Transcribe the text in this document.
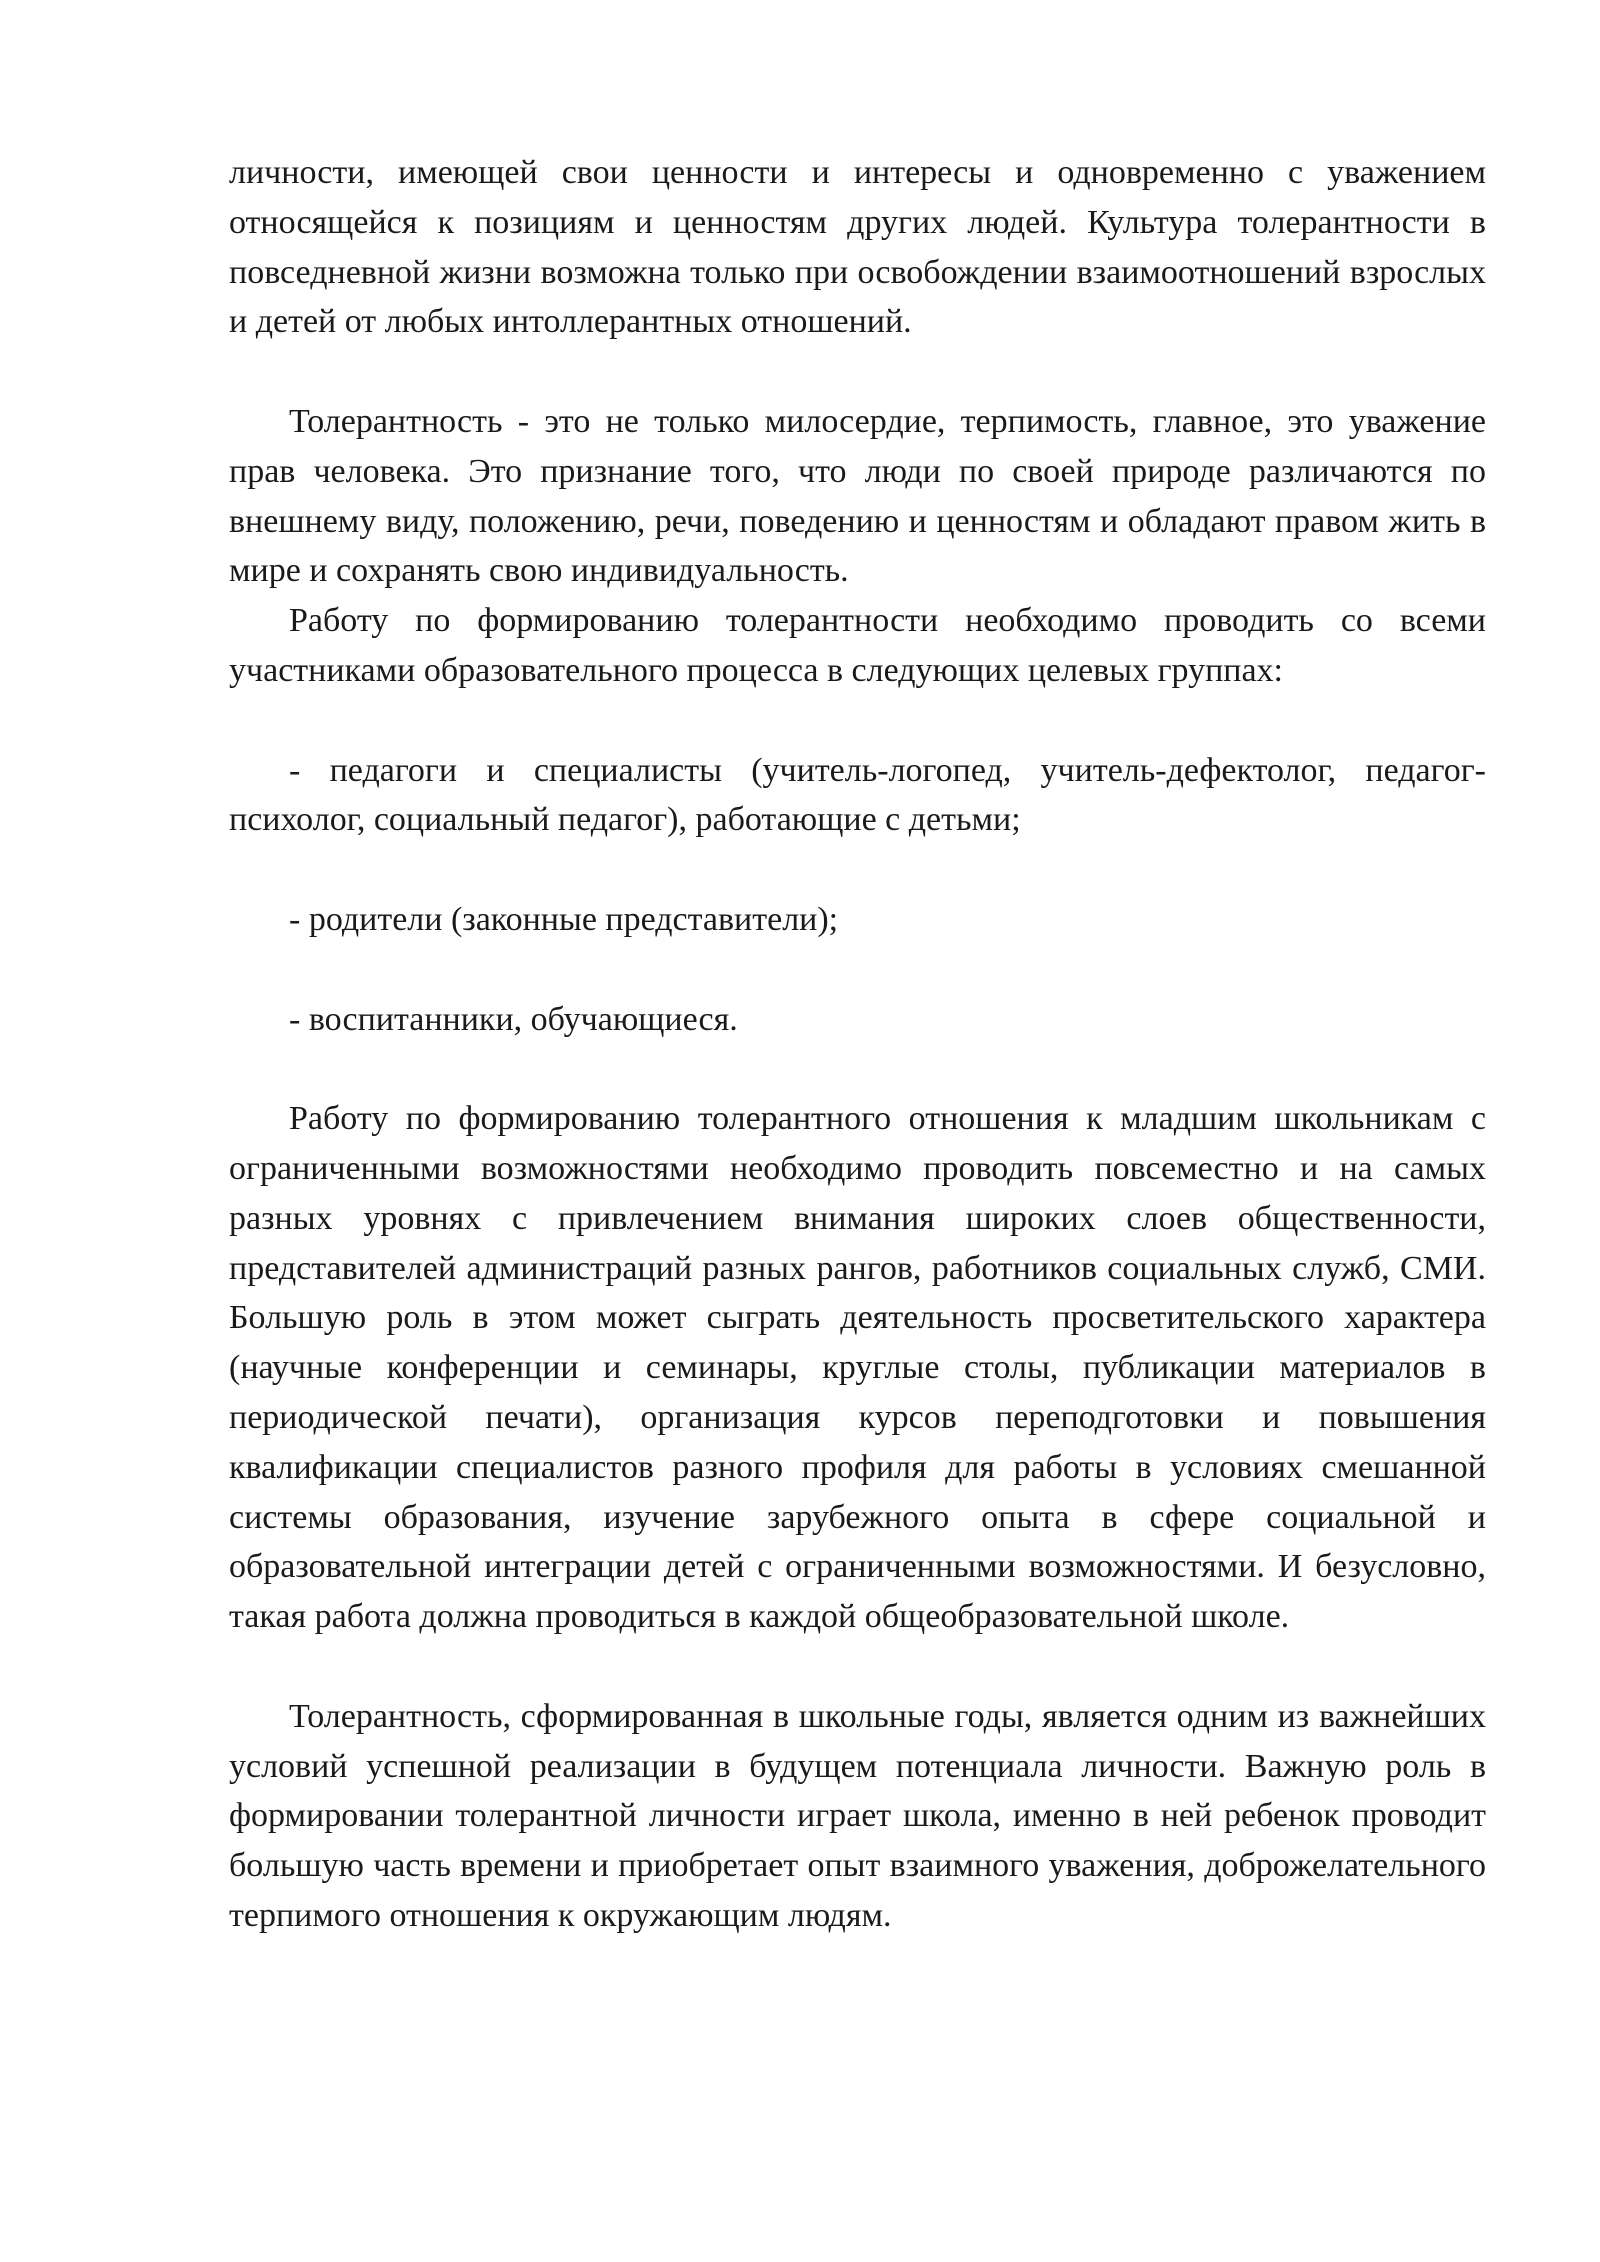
личности, имеющей свои ценности и интересы и одновременно с уважением относящейся к позициям и ценностям других людей. Культура толерантности в повседневной жизни возможна только при освобождении взаимоотношений взрослых и детей от любых интоллерантных отношений.

Толерантность - это не только милосердие, терпимость, главное, это уважение прав человека. Это признание того, что люди по своей природе различаются по внешнему виду, положению, речи, поведению и ценностям и обладают правом жить в мире и сохранять свою индивидуальность.

Работу по формированию толерантности необходимо проводить со всеми участниками образовательного процесса в следующих целевых группах:

- педагоги и специалисты (учитель-логопед, учитель-дефектолог, педагог-психолог, социальный педагог), работающие с детьми;

- родители (законные представители);

- воспитанники, обучающиеся.

Работу по формированию толерантного отношения к младшим школьникам с ограниченными возможностями необходимо проводить повсеместно и на самых разных уровнях с привлечением внимания широких слоев общественности, представителей администраций разных рангов, работников социальных служб, СМИ. Большую роль в этом может сыграть деятельность просветительского характера (научные конференции и семинары, круглые столы, публикации материалов в периодической печати), организация курсов переподготовки и повышения квалификации специалистов разного профиля для работы в условиях смешанной системы образования, изучение зарубежного опыта в сфере социальной и образовательной интеграции детей с ограниченными возможностями. И безусловно, такая работа должна проводиться в каждой общеобразовательной школе.

Толерантность, сформированная в школьные годы, является одним из важнейших условий успешной реализации в будущем потенциала личности. Важную роль в формировании толерантной личности играет школа, именно в ней ребенок проводит большую часть времени и приобретает опыт взаимного уважения, доброжелательного терпимого отношения к окружающим людям.
